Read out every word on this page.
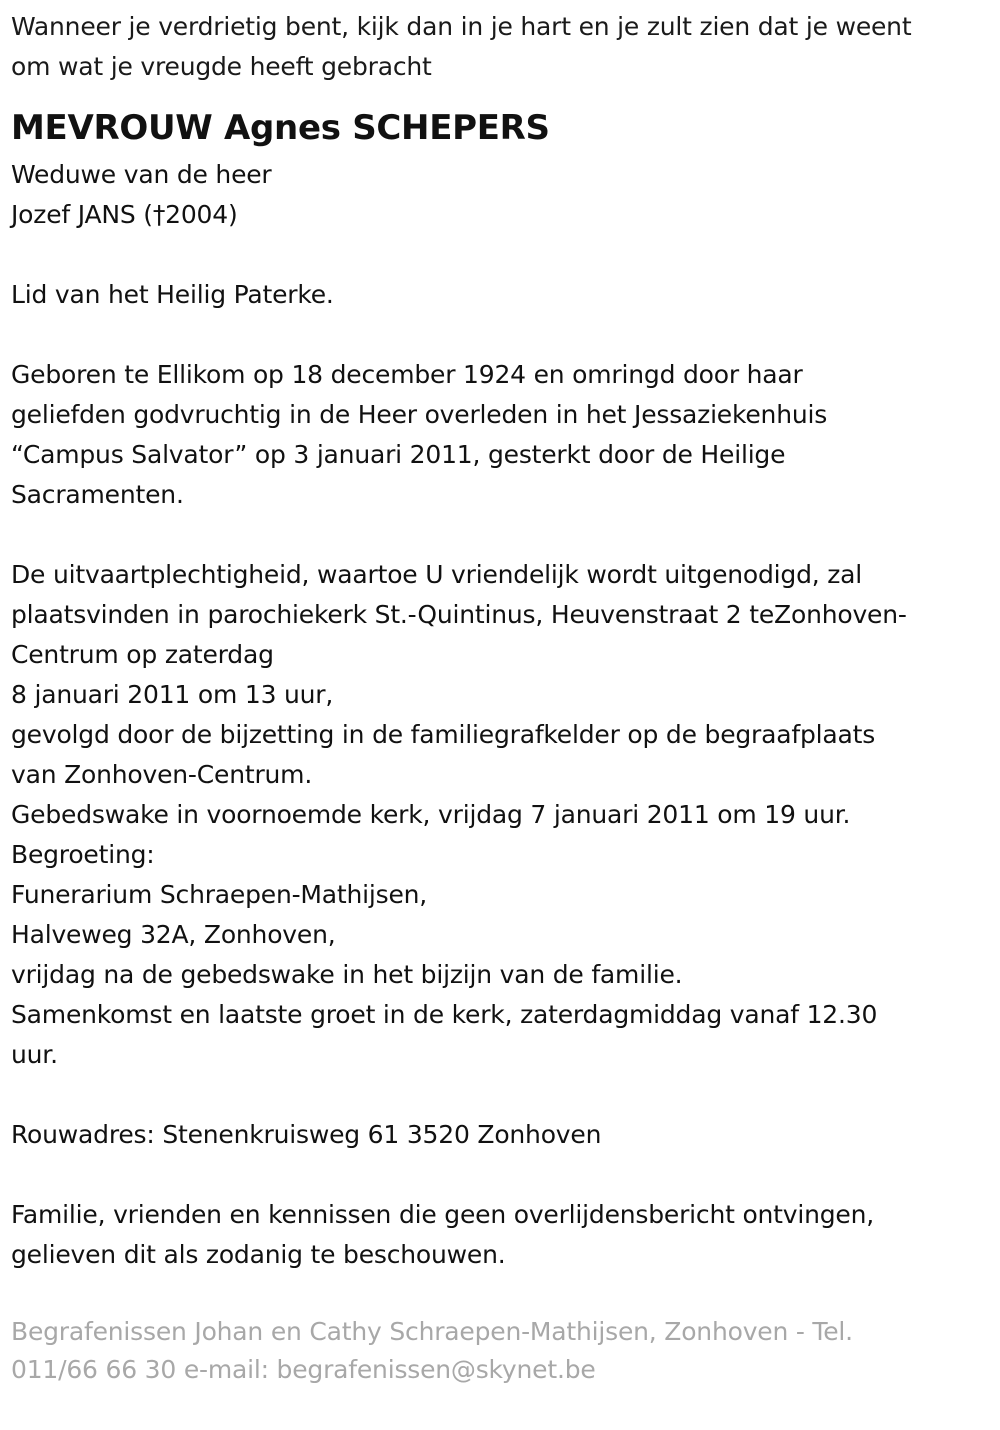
Wanneer je verdrietig bent, kijk dan in je hart en je zult zien dat je weent
om wat je vreugde heeft gebracht
MEVROUW Agnes SCHEPERS
Weduwe van de heer
Jozef JANS (†2004)
Lid van het Heilig Paterke.
Geboren te Ellikom op 18 december 1924 en omringd door haar
geliefden godvruchtig in de Heer overleden in het Jessaziekenhuis
“Campus Salvator” op 3 januari 2011, gesterkt door de Heilige
Sacramenten.
De uitvaartplechtigheid, waartoe U vriendelijk wordt uitgenodigd, zal
plaatsvinden in parochiekerk St.-Quintinus, Heuvenstraat 2 teZonhoven-
Centrum op zaterdag
8 januari 2011 om 13 uur,
gevolgd door de bijzetting in de familiegrafkelder op de begraafplaats
van Zonhoven-Centrum.
Gebedswake in voornoemde kerk, vrijdag 7 januari 2011 om 19 uur.
Begroeting:
Funerarium Schraepen-Mathijsen,
Halveweg 32A, Zonhoven,
vrijdag na de gebedswake in het bijzijn van de familie.
Samenkomst en laatste groet in de kerk, zaterdagmiddag vanaf 12.30
uur.
Rouwadres: Stenenkruisweg 61 3520 Zonhoven
Familie, vrienden en kennissen die geen overlijdensbericht ontvingen,
gelieven dit als zodanig te beschouwen.
Begrafenissen Johan en Cathy Schraepen-Mathijsen, Zonhoven - Tel.
011/66 66 30 e-mail: begrafenissen@skynet.be
